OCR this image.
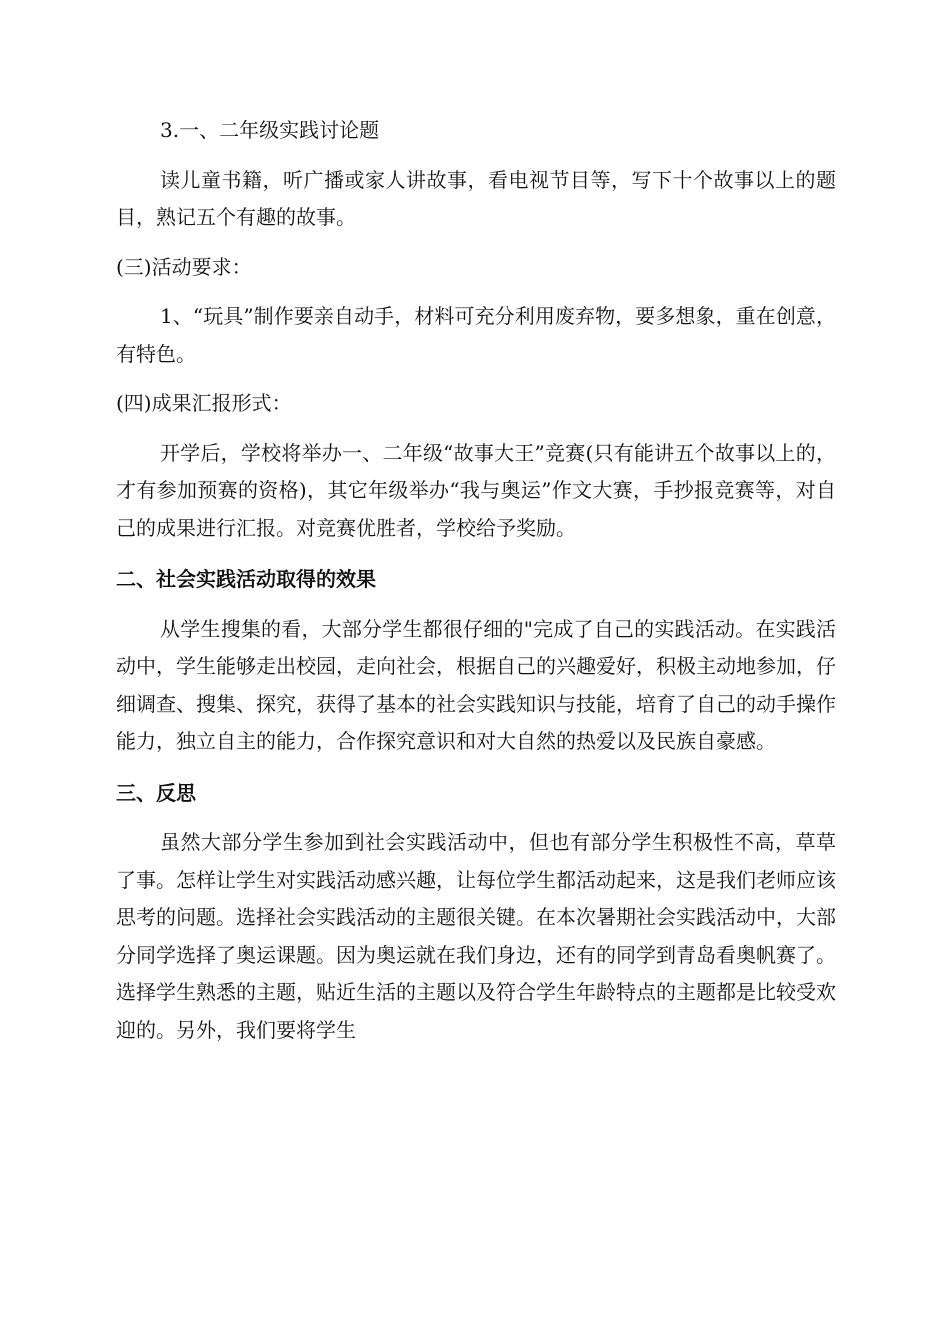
3.一、二年级实践讨论题

读儿童书籍，听广播或家人讲故事，看电视节目等，写下十个故事以上的题目，熟记五个有趣的故事。

(三)活动要求：

1、“玩具”制作要亲自动手，材料可充分利用废弃物，要多想象，重在创意，有特色。

(四)成果汇报形式：

开学后，学校将举办一、二年级“故事大王”竞赛(只有能讲五个故事以上的，才有参加预赛的资格)，其它年级举办“我与奥运”作文大赛，手抄报竞赛等，对自己的成果进行汇报。对竞赛优胜者，学校给予奖励。

二、社会实践活动取得的效果

从学生搜集的看，大部分学生都很仔细的"完成了自己的实践活动。在实践活动中，学生能够走出校园，走向社会，根据自己的兴趣爱好，积极主动地参加，仔细调查、搜集、探究，获得了基本的社会实践知识与技能，培育了自己的动手操作能力，独立自主的能力，合作探究意识和对大自然的热爱以及民族自豪感。

三、反思

虽然大部分学生参加到社会实践活动中，但也有部分学生积极性不高，草草了事。怎样让学生对实践活动感兴趣，让每位学生都活动起来，这是我们老师应该思考的问题。选择社会实践活动的主题很关键。在本次暑期社会实践活动中，大部分同学选择了奥运课题。因为奥运就在我们身边，还有的同学到青岛看奥帆赛了。选择学生熟悉的主题，贴近生活的主题以及符合学生年龄特点的主题都是比较受欢迎的。另外，我们要将学生
